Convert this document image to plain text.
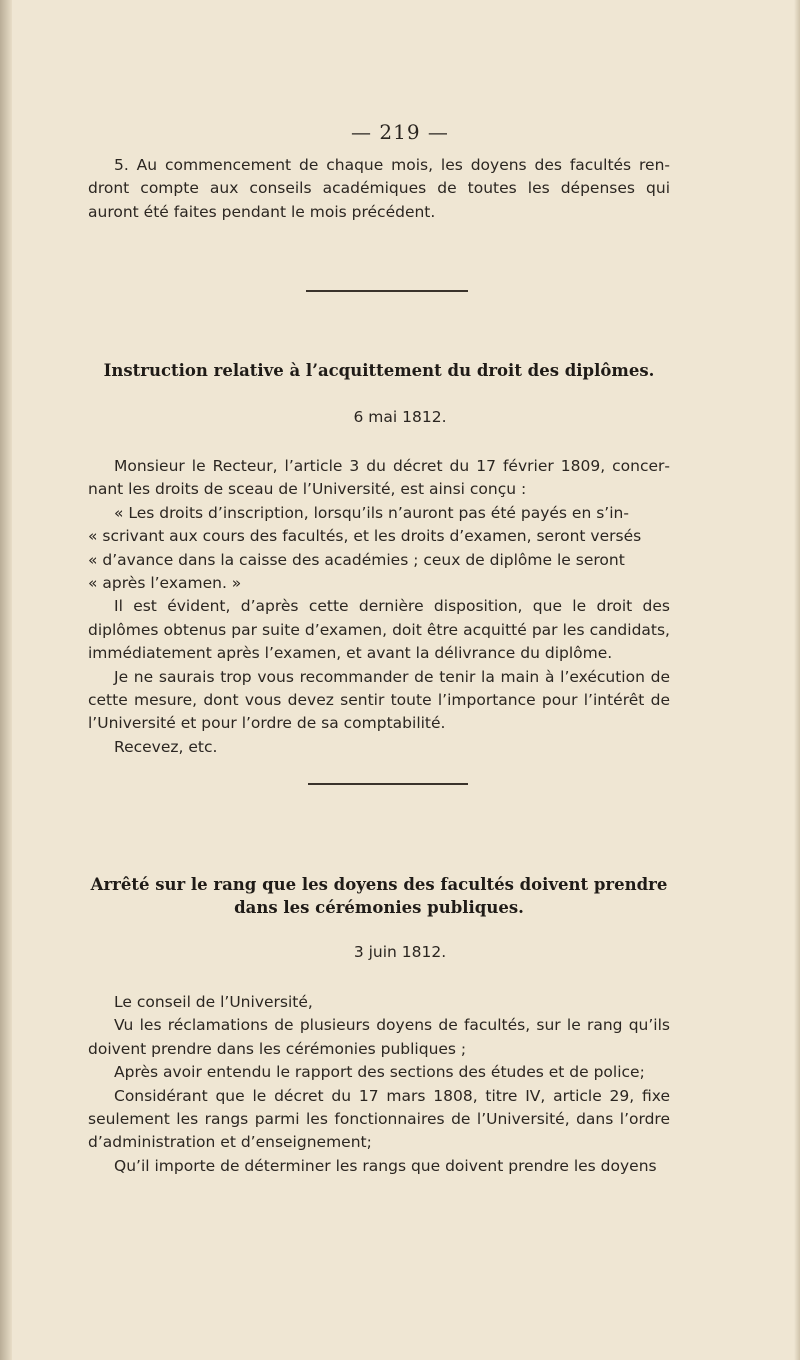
— 219 —

5. Au commencement de chaque mois, les doyens des facultés rendront compte aux conseils académiques de toutes les dépenses qui auront été faites pendant le mois précédent.

Instruction relative à l’acquittement du droit des diplômes.
6 mai 1812.

Monsieur le Recteur, l’article 3 du décret du 17 février 1809, concernant les droits de sceau de l’Université, est ainsi conçu :

« Les droits d’inscription, lorsqu’ils n’auront pas été payés en s’in-

« scrivant aux cours des facultés, et les droits d’examen, seront versés

« d’avance dans la caisse des académies ; ceux de diplôme le seront

« après l’examen. »

Il est évident, d’après cette dernière disposition, que le droit des diplômes obtenus par suite d’examen, doit être acquitté par les candidats, immédiatement après l’examen, et avant la délivrance du diplôme.

Je ne saurais trop vous recommander de tenir la main à l’exécution de cette mesure, dont vous devez sentir toute l’importance pour l’intérêt de l’Université et pour l’ordre de sa comptabilité.

Recevez, etc.

Arrêté sur le rang que les doyens des facultés doivent prendre dans les cérémonies publiques.
3 juin 1812.

Le conseil de l’Université,

Vu les réclamations de plusieurs doyens de facultés, sur le rang qu’ils doivent prendre dans les cérémonies publiques ;

Après avoir entendu le rapport des sections des études et de police;

Considérant que le décret du 17 mars 1808, titre IV, article 29, fixe seulement les rangs parmi les fonctionnaires de l’Université, dans l’ordre d’administration et d’enseignement;

Qu’il importe de déterminer les rangs que doivent prendre les doyens
